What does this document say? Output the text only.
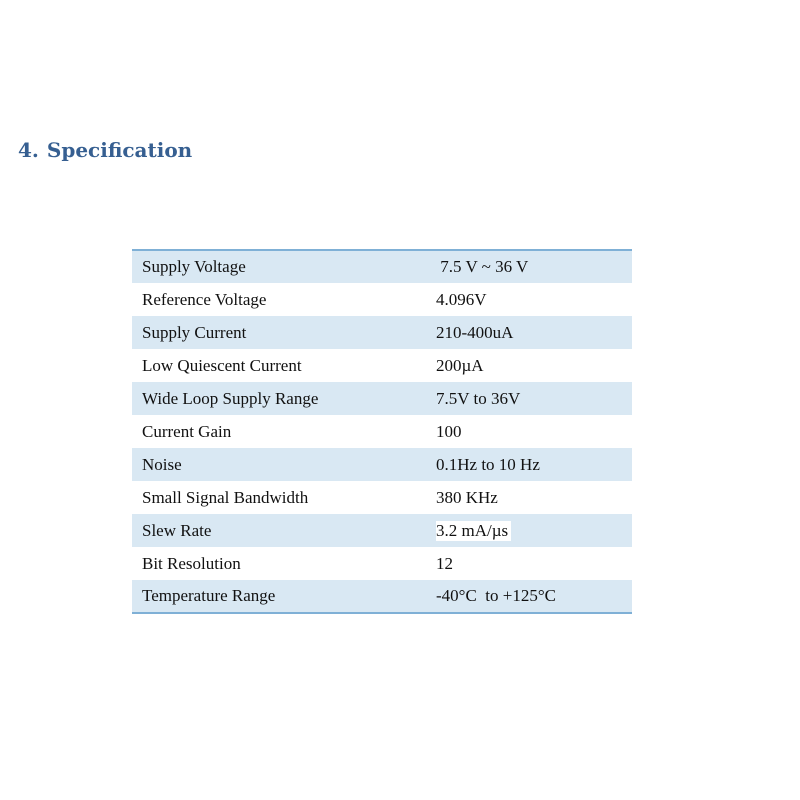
4. Specification
Supply Voltage	7.5 V ~ 36 V
Reference Voltage	4.096V
Supply Current	210-400uA
Low Quiescent Current	200µA
Wide Loop Supply Range	7.5V to 36V
Current Gain	100
Noise	0.1Hz to 10 Hz
Small Signal Bandwidth	380 KHz
Slew Rate	3.2 mA/µs
Bit Resolution	12
Temperature Range	-40°C  to +125°C
